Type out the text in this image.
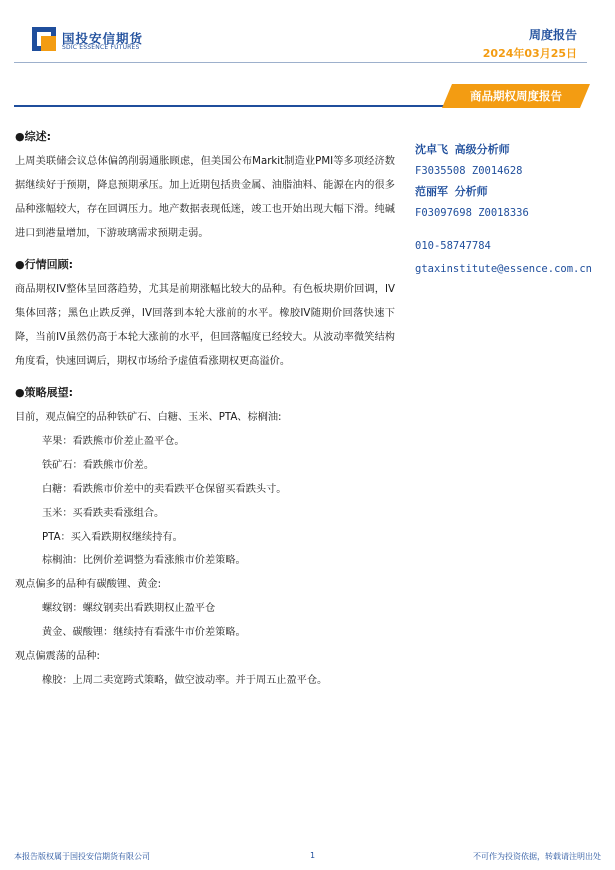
国投安信期货
SDIC ESSENCE FUTURES
周度报告
2024年03月25日
商品期权周度报告
●综述:
上周美联储会议总体偏鸽削弱通胀顾虑，但美国公布Markit制造业PMI等多项经济数据继续好于预期，降息预期承压。加上近期包括贵金属、油脂油料、能源在内的很多品种涨幅较大，存在回调压力。地产数据表现低迷，竣工也开始出现大幅下滑。纯碱进口到港量增加，下游玻璃需求预期走弱。
●行情回顾:
商品期权IV整体呈回落趋势，尤其是前期涨幅比较大的品种。有色板块期价回调，IV集体回落；黑色止跌反弹，IV回落到本轮大涨前的水平。橡胶IV随期价回落快速下降，当前IV虽然仍高于本轮大涨前的水平，但回落幅度已经较大。从波动率微笑结构角度看，快速回调后，期权市场给予虚值看涨期权更高溢价。
●策略展望:
目前，观点偏空的品种铁矿石、白糖、玉米、PTA、棕榈油:
苹果：看跌熊市价差止盈平仓。
铁矿石：看跌熊市价差。
白糖：看跌熊市价差中的卖看跌平仓保留买看跌头寸。
玉米：买看跌卖看涨组合。
PTA：买入看跌期权继续持有。
棕榈油：比例价差调整为看涨熊市价差策略。
观点偏多的品种有碳酸锂、黄金:
螺纹钢：螺纹钢卖出看跌期权止盈平仓
黄金、碳酸锂：继续持有看涨牛市价差策略。
观点偏震荡的品种:
橡胶：上周二卖宽跨式策略，做空波动率。并于周五止盈平仓。
沈卓飞 高级分析师
F3035508 Z0014628
范丽军 分析师
F03097698 Z0018336
010-58747784
gtaxinstitute@essence.com.cn
本报告版权属于国投安信期货有限公司	1	不可作为投资依据，转载请注明出处
